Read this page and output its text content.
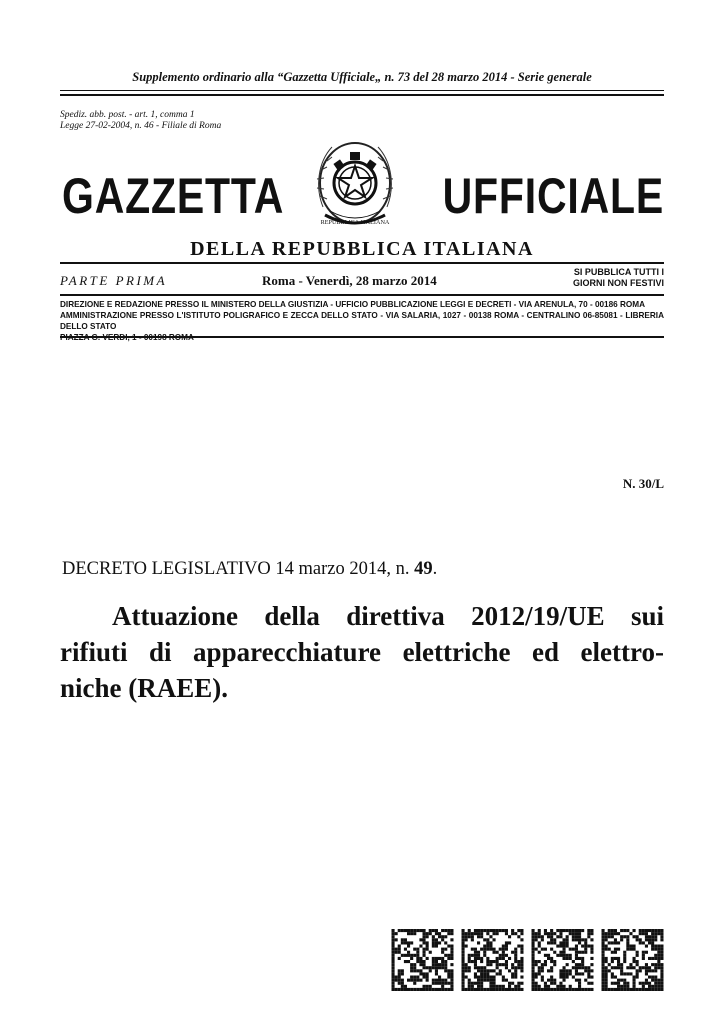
Supplemento ordinario alla “Gazzetta Ufficiale„ n. 73 del 28 marzo 2014 - Serie generale
Spediz. abb. post. - art. 1, comma 1
Legge 27-02-2004, n. 46 - Filiale di Roma
GAZZETTA	REPUBBLICA ITALIANA UFFICIALE
DELLA REPUBBLICA ITALIANA
PARTE PRIMA	Roma - Venerdì, 28 marzo 2014
SI PUBBLICA TUTTI I
GIORNI NON FESTIVI
DIREZIONE E REDAZIONE PRESSO IL MINISTERO DELLA GIUSTIZIA - UFFICIO PUBBLICAZIONE LEGGI E DECRETI - VIA ARENULA, 70 - 00186 ROMA
AMMINISTRAZIONE PRESSO L'ISTITUTO POLIGRAFICO E ZECCA DELLO STATO - VIA SALARIA, 1027 - 00138 ROMA - CENTRALINO 06-85081 - LIBRERIA DELLO STATO
N. 30/L
DECRETO LEGISLATIVO 14 marzo 2014, n. 49.
Attuazione della direttiva 2012/19/UE sui
rifiuti di apparecchiature elettriche ed elettro-
niche (RAEE).
